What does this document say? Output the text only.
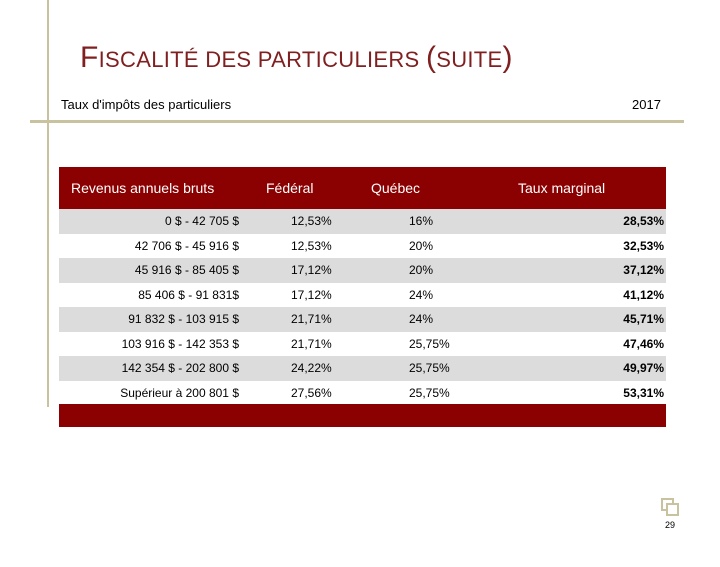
FISCALITÉ DES PARTICULIERS (SUITE)
Taux d'impôts des particuliers	2017
Revenus annuels bruts	Fédéral	Québec	Taux marginal
0 $ - 42 705 $	12,53%	16%	28,53%
42 706 $ - 45 916 $	12,53%	20%	32,53%
45 916 $ - 85 405 $	17,12%	20%	37,12%
85 406 $ - 91 831$	17,12%	24%	41,12%
91 832 $ - 103 915 $	21,71%	24%	45,71%
103 916 $ - 142 353 $	21,71%	25,75%	47,46%
142 354 $ - 202 800 $	24,22%	25,75%	49,97%
Supérieur à 200 801 $	27,56%	25,75%	53,31%
29
